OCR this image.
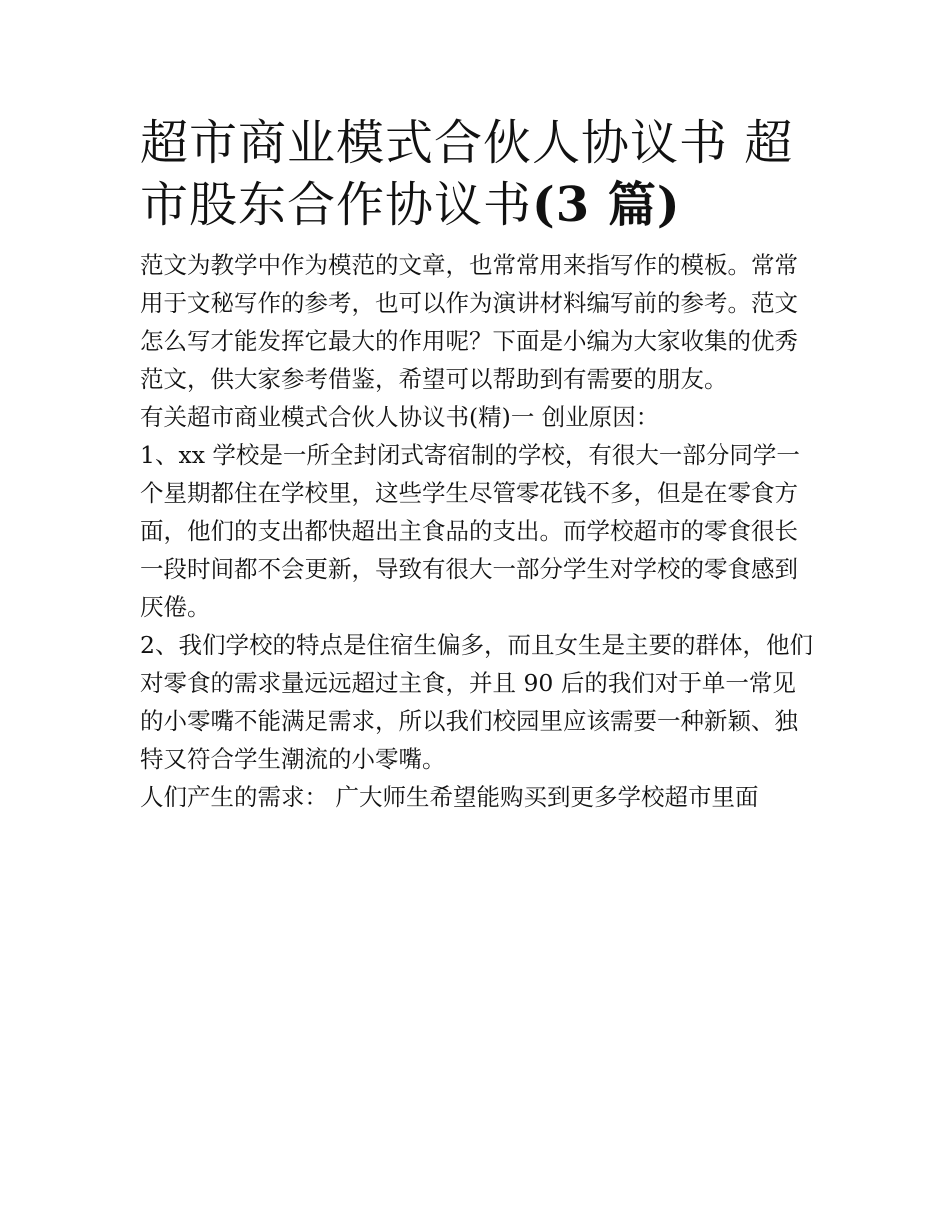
超市商业模式合伙人协议书 超
市股东合作协议书(3 篇)

范文为教学中作为模范的文章，也常常用来指写作的模板。常常用于文秘写作的参考，也可以作为演讲材料编写前的参考。范文怎么写才能发挥它最大的作用呢？下面是小编为大家收集的优秀范文，供大家参考借鉴，希望可以帮助到有需要的朋友。

有关超市商业模式合伙人协议书(精)一 创业原因：

1、xx 学校是一所全封闭式寄宿制的学校，有很大一部分同学一个星期都住在学校里，这些学生尽管零花钱不多，但是在零食方面，他们的支出都快超出主食品的支出。而学校超市的零食很长一段时间都不会更新，导致有很大一部分学生对学校的零食感到厌倦。

2、我们学校的特点是住宿生偏多，而且女生是主要的群体，他们对零食的需求量远远超过主食，并且 90 后的我们对于单一常见的小零嘴不能满足需求，所以我们校园里应该需要一种新颖、独特又符合学生潮流的小零嘴。

人们产生的需求： 广大师生希望能购买到更多学校超市里面
